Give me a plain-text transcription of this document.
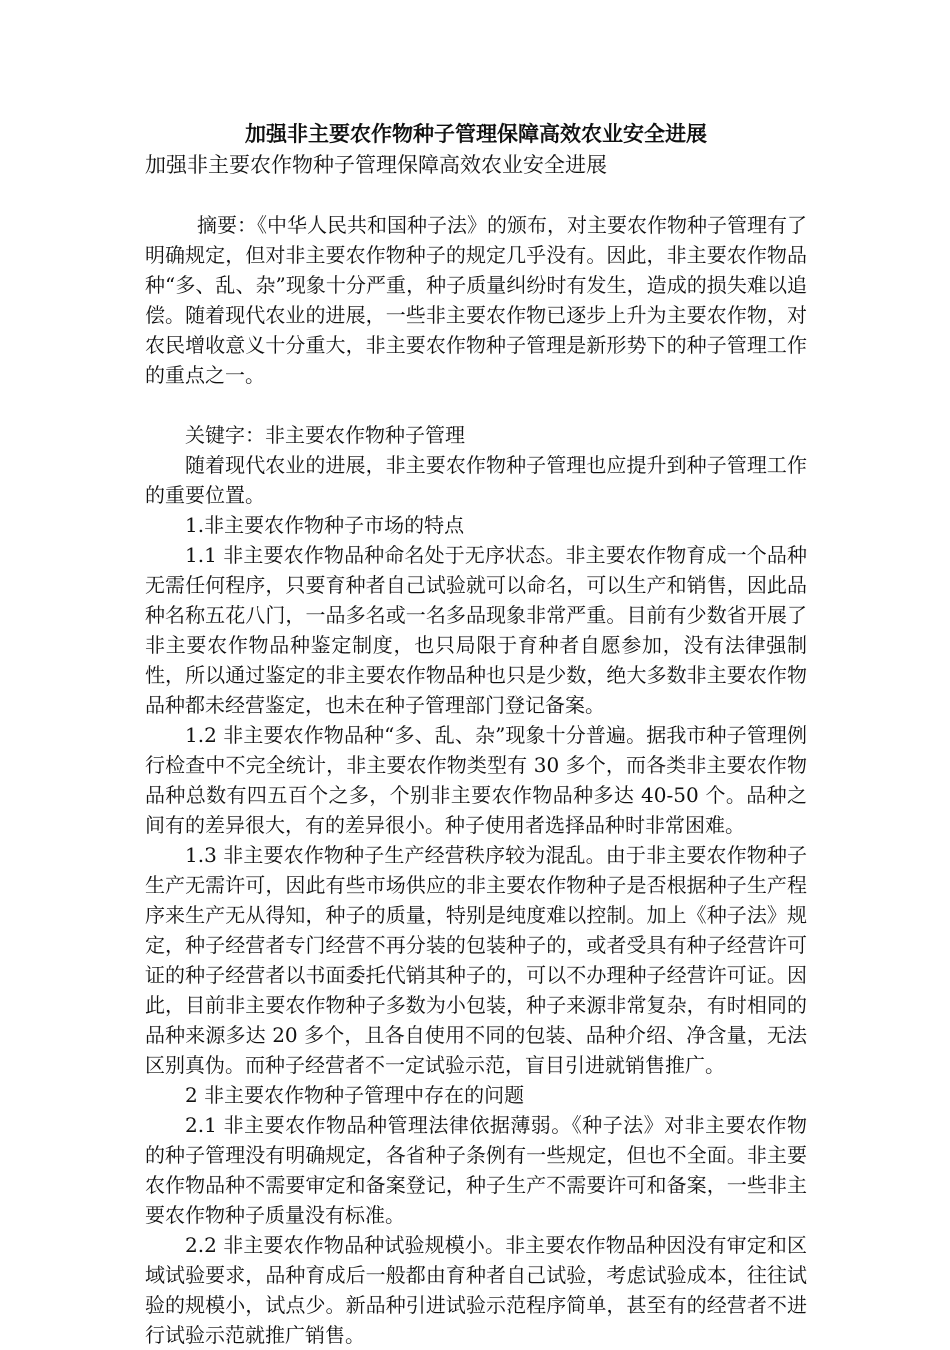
加强非主要农作物种子管理保障高效农业安全进展

加强非主要农作物种子管理保障高效农业安全进展

摘要：《中华人民共和国种子法》的颁布，对主要农作物种子管理有了明确规定，但对非主要农作物种子的规定几乎没有。因此，非主要农作物品种“多、乱、杂”现象十分严重，种子质量纠纷时有发生，造成的损失难以追偿。随着现代农业的进展，一些非主要农作物已逐步上升为主要农作物，对农民增收意义十分重大，非主要农作物种子管理是新形势下的种子管理工作的重点之一。

关键字：非主要农作物种子管理

随着现代农业的进展，非主要农作物种子管理也应提升到种子管理工作的重要位置。

1.非主要农作物种子市场的特点

1.1 非主要农作物品种命名处于无序状态。非主要农作物育成一个品种无需任何程序，只要育种者自己试验就可以命名，可以生产和销售，因此品种名称五花八门，一品多名或一名多品现象非常严重。目前有少数省开展了非主要农作物品种鉴定制度，也只局限于育种者自愿参加，没有法律强制性，所以通过鉴定的非主要农作物品种也只是少数，绝大多数非主要农作物品种都未经营鉴定，也未在种子管理部门登记备案。

1.2 非主要农作物品种“多、乱、杂”现象十分普遍。据我市种子管理例行检查中不完全统计，非主要农作物类型有 30 多个，而各类非主要农作物品种总数有四五百个之多，个别非主要农作物品种多达 40-50 个。品种之间有的差异很大，有的差异很小。种子使用者选择品种时非常困难。

1.3 非主要农作物种子生产经营秩序较为混乱。由于非主要农作物种子生产无需许可，因此有些市场供应的非主要农作物种子是否根据种子生产程序来生产无从得知，种子的质量，特别是纯度难以控制。加上《种子法》规定，种子经营者专门经营不再分装的包装种子的，或者受具有种子经营许可证的种子经营者以书面委托代销其种子的，可以不办理种子经营许可证。因此，目前非主要农作物种子多数为小包装，种子来源非常复杂，有时相同的品种来源多达 20 多个，且各自使用不同的包装、品种介绍、净含量，无法区别真伪。而种子经营者不一定试验示范，盲目引进就销售推广。

2 非主要农作物种子管理中存在的问题

2.1 非主要农作物品种管理法律依据薄弱。《种子法》对非主要农作物的种子管理没有明确规定，各省种子条例有一些规定，但也不全面。非主要农作物品种不需要审定和备案登记，种子生产不需要许可和备案，一些非主要农作物种子质量没有标准。

2.2 非主要农作物品种试验规模小。非主要农作物品种因没有审定和区域试验要求，品种育成后一般都由育种者自己试验，考虑试验成本，往往试验的规模小，试点少。新品种引进试验示范程序简单，甚至有的经营者不进行试验示范就推广销售。
